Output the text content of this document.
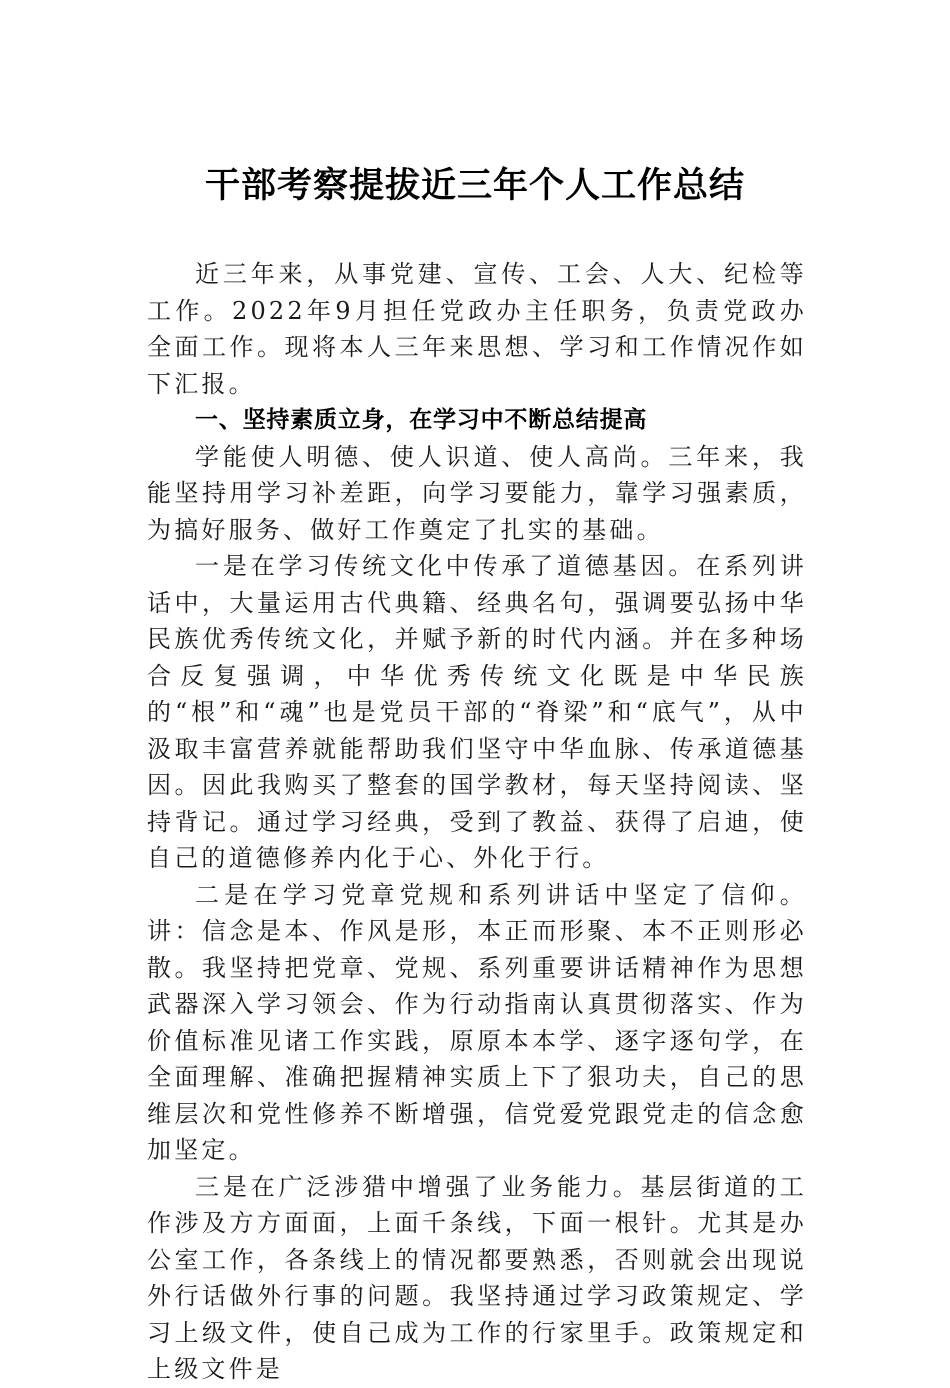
干部考察提拔近三年个人工作总结

近三年来，从事党建、宣传、工会、人大、纪检等工作。2022年9月担任党政办主任职务，负责党政办全面工作。现将本人三年来思想、学习和工作情况作如下汇报。

一、坚持素质立身，在学习中不断总结提高

学能使人明德、使人识道、使人高尚。三年来，我能坚持用学习补差距，向学习要能力，靠学习强素质，为搞好服务、做好工作奠定了扎实的基础。

一是在学习传统文化中传承了道德基因。在系列讲话中，大量运用古代典籍、经典名句，强调要弘扬中华民族优秀传统文化，并赋予新的时代内涵。并在多种场合反复强调，中华优秀传统文化既是中华民族的“根”和“魂”也是党员干部的“脊梁”和“底气”，从中汲取丰富营养就能帮助我们坚守中华血脉、传承道德基因。因此我购买了整套的国学教材，每天坚持阅读、坚持背记。通过学习经典，受到了教益、获得了启迪，使自己的道德修养内化于心、外化于行。

二是在学习党章党规和系列讲话中坚定了信仰。讲：信念是本、作风是形，本正而形聚、本不正则形必散。我坚持把党章、党规、系列重要讲话精神作为思想武器深入学习领会、作为行动指南认真贯彻落实、作为价值标准见诸工作实践，原原本本学、逐字逐句学，在全面理解、准确把握精神实质上下了狠功夫，自己的思维层次和党性修养不断增强，信党爱党跟党走的信念愈加坚定。

三是在广泛涉猎中增强了业务能力。基层街道的工作涉及方方面面，上面千条线，下面一根针。尤其是办公室工作，各条线上的情况都要熟悉，否则就会出现说外行话做外行事的问题。我坚持通过学习政策规定、学习上级文件，使自己成为工作的行家里手。政策规定和上级文件是
